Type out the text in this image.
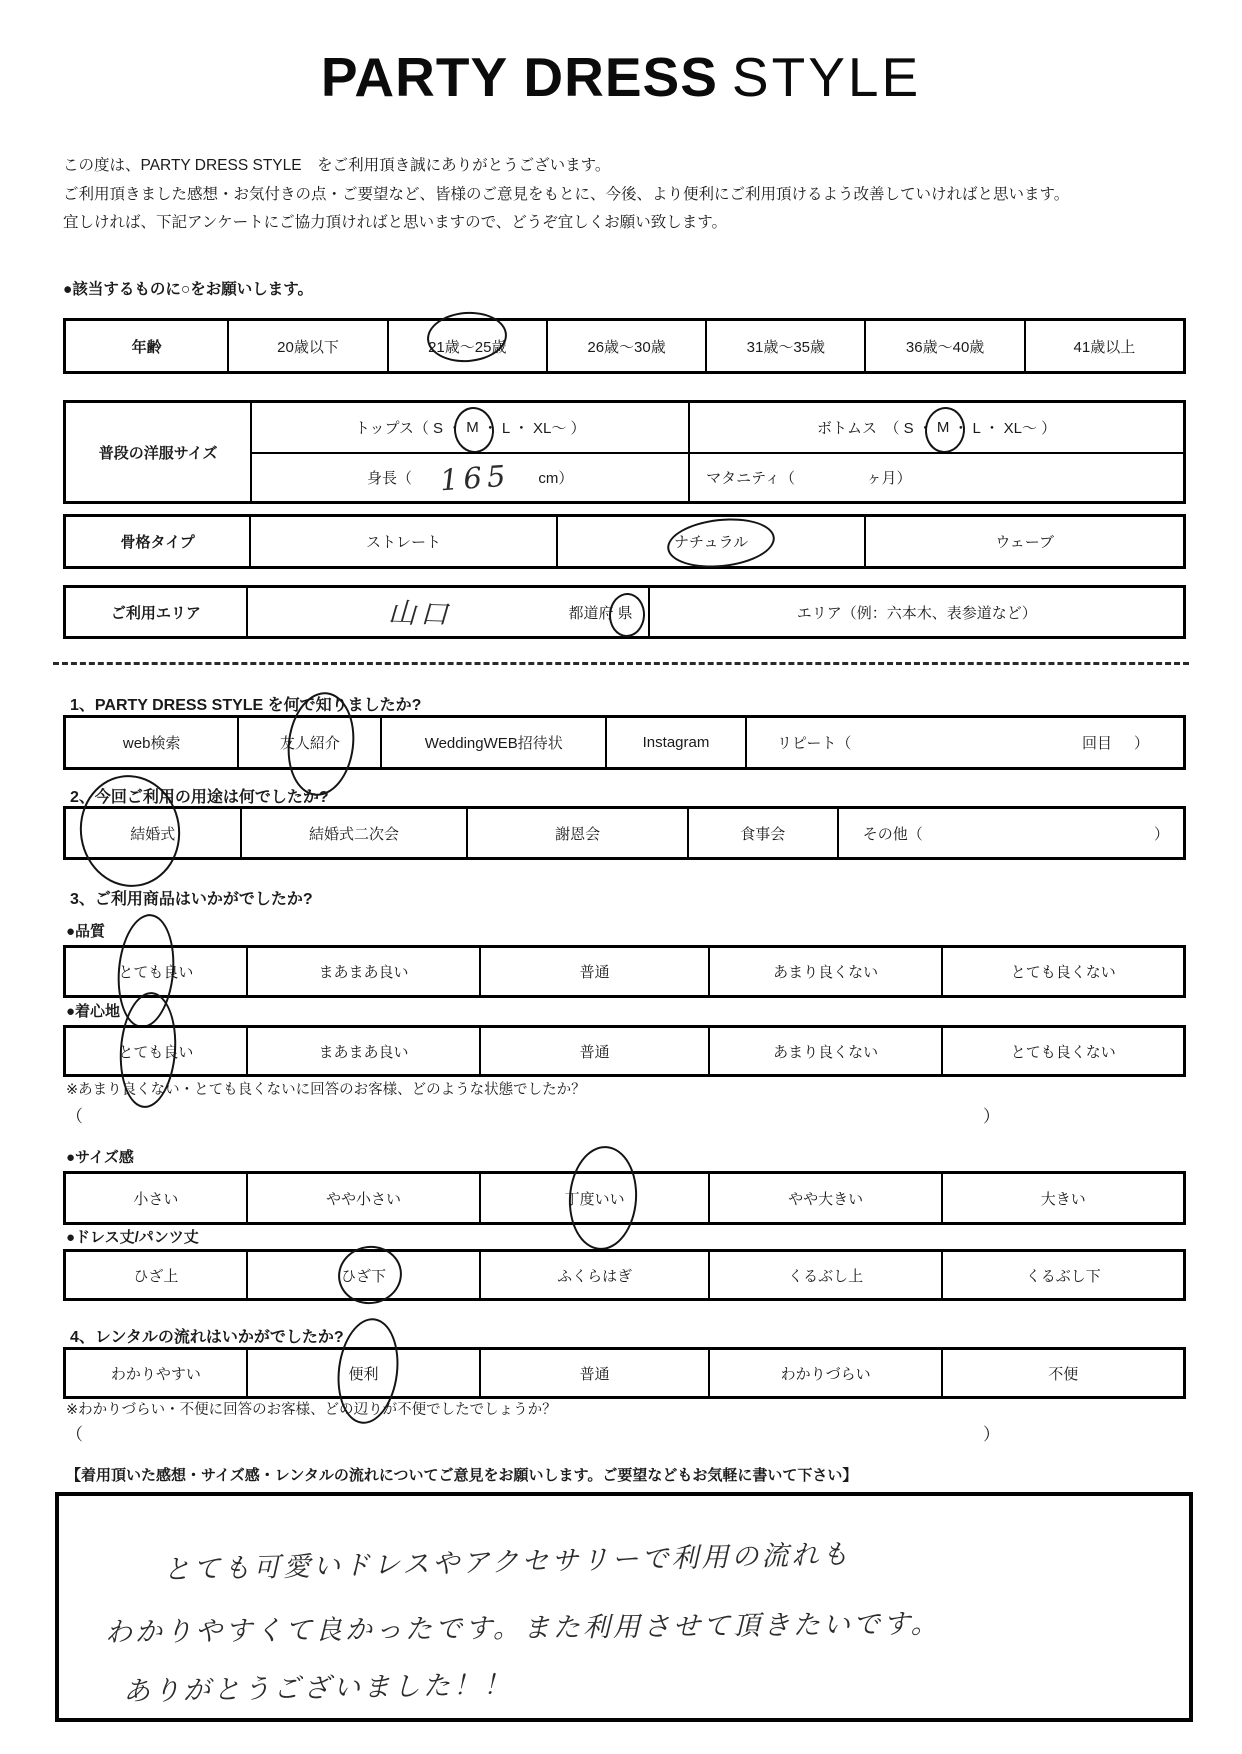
PARTY DRESS STYLE
この度は、PARTY DRESS STYLE　をご利用頂き誠にありがとうございます。
ご利用頂きました感想・お気付きの点・ご要望など、皆様のご意見をもとに、今後、より便利にご利用頂けるよう改善していければと思います。
宜しければ、下記アンケートにご協力頂ければと思いますので、どうぞ宜しくお願い致します。
●該当するものに○をお願いします。
年齢	20歳以下	21歳〜25歳	26歳〜30歳	31歳〜35歳	36歳〜40歳	41歳以上
普段の洋服サイズ
トップス（ S ・ M ・ L ・ XL〜 ）	ボトムス　（ S ・ M ・ L ・ XL〜 ）
身長（ 165 cm）	マタニティ（	ヶ月）
骨格タイプ	ストレート	ナチュラル	ウェーブ
ご利用エリア	山口	都道府 県	エリア（例：六本木、表参道など）
1、PARTY DRESS STYLE を何で知りましたか?
web検索	友人紹介	WeddingWEB招待状	Instagram	リピート（	回目 ）
2、今回ご利用の用途は何でしたか?
結婚式	結婚式二次会	謝恩会	食事会	その他（	）
3、ご利用商品はいかがでしたか?
●品質
とても良い	まあまあ良い	普通	あまり良くない	とても良くない
●着心地
とても良い	まあまあ良い	普通	あまり良くない	とても良くない
※あまり良くない・とても良くないに回答のお客様、どのような状態でしたか？
（	）
●サイズ感
小さい	やや小さい	丁度いい	やや大きい	大きい
●ドレス丈/パンツ丈
ひざ上	ひざ下	ふくらはぎ	くるぶし上	くるぶし下
4、レンタルの流れはいかがでしたか?
わかりやすい	便利	普通	わかりづらい	不便
※わかりづらい・不便に回答のお客様、どの辺りが不便でしたでしょうか？
（	）
【着用頂いた感想・サイズ感・レンタルの流れについてご意見をお願いします。ご要望などもお気軽に書いて下さい】
とても可愛いドレスやアクセサリーで利用の流れも
わかりやすくて良かったです。また利用させて頂きたいです。
ありがとうございました！！
